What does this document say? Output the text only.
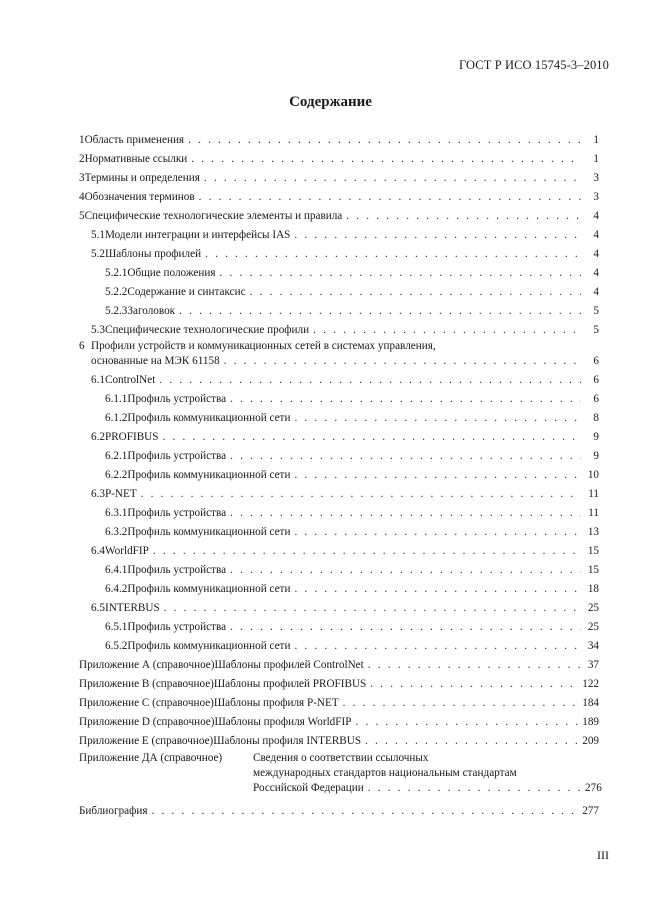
ГОСТ Р ИСО 15745-3–2010
Содержание
1 Область применения . . .	1
2 Нормативные ссылки . . .	1
3 Термины и определения . . .	3
4 Обозначения терминов . . .	3
5 Специфические технологические элементы и правила . . .	4
5.1 Модели интеграции и интерфейсы IAS . . .	4
5.2 Шаблоны профилей . . .	4
5.2.1 Общие положения . . .	4
5.2.2 Содержание и синтаксис . . .	4
5.2.3 Заголовок . . .	5
5.3 Специфические технологические профили . . .	5
6 Профили устройств и коммуникационных сетей в системах управления,
основанные на МЭК 61158 . . .	6
6.1 ControlNet . . .	6
6.1.1 Профиль устройства . . .	6
6.1.2 Профиль коммуникационной сети . . .	8
6.2 PROFIBUS . . .	9
6.2.1 Профиль устройства . . .	9
6.2.2 Профиль коммуникационной сети . . .	10
6.3 P-NET . . .	11
6.3.1 Профиль устройства . . .	11
6.3.2 Профиль коммуникационной сети . . .	13
6.4 WorldFIP . . .	15
6.4.1 Профиль устройства . . .	15
6.4.2 Профиль коммуникационной сети . . .	18
6.5 INTERBUS . . .	25
6.5.1 Профиль устройства . . .	25
6.5.2 Профиль коммуникационной сети . . .	34
Приложение А (справочное) Шаблоны профилей ControlNet . . .	37
Приложение В (справочное) Шаблоны профилей PROFIBUS . . .	122
Приложение С (справочное) Шаблоны профиля P-NET . . .	184
Приложение D (справочное) Шаблоны профиля WorldFIP . . .	189
Приложение Е (справочное) Шаблоны профиля INTERBUS . . .	209
Приложение ДА (справочное)	Сведения о соответствии ссылочных
международных стандартов национальным стандартам
Российской Федерации . . .	276
Библиография . . .	277
III
